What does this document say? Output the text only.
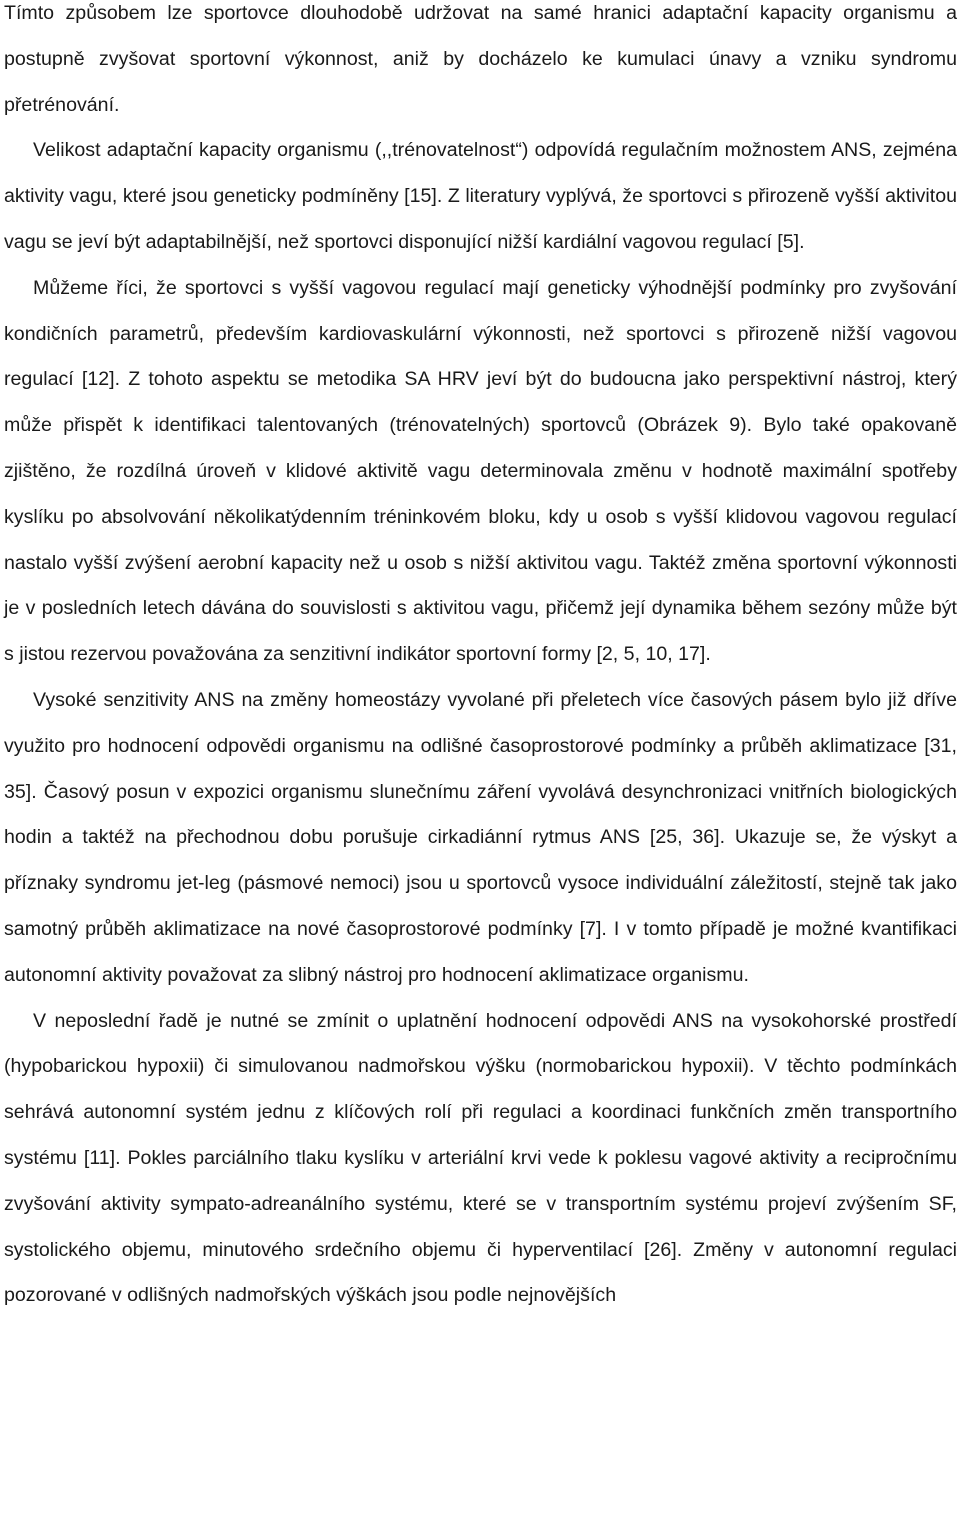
Tímto způsobem lze sportovce dlouhodobě udržovat na samé hranici adaptační kapacity organismu a postupně zvyšovat sportovní výkonnost, aniž by docházelo ke kumulaci únavy a vzniku syndromu přetrénování.

Velikost adaptační kapacity organismu (,,trénovatelnost“) odpovídá regulačním možnostem ANS, zejména aktivity vagu, které jsou geneticky podmíněny [15]. Z literatury vyplývá, že sportovci s přirozeně vyšší aktivitou vagu se jeví být adaptabilnější, než sportovci disponující nižší kardiální vagovou regulací [5].

Můžeme říci, že sportovci s vyšší vagovou regulací mají geneticky výhodnější podmínky pro zvyšování kondičních parametrů, především kardiovaskulární výkonnosti, než sportovci s přirozeně nižší vagovou regulací [12]. Z tohoto aspektu se metodika SA HRV jeví být do budoucna jako perspektivní nástroj, který může přispět k identifikaci talentovaných (trénovatelných) sportovců (Obrázek 9). Bylo také opakovaně zjištěno, že rozdílná úroveň v klidové aktivitě vagu determinovala změnu v hodnotě maximální spotřeby kyslíku po absolvování několikatýdenním tréninkovém bloku, kdy u osob s vyšší klidovou vagovou regulací nastalo vyšší zvýšení aerobní kapacity než u osob s nižší aktivitou vagu. Taktéž změna sportovní výkonnosti je v posledních letech dávána do souvislosti s aktivitou vagu, přičemž její dynamika během sezóny může být s jistou rezervou považována za senzitivní indikátor sportovní formy [2, 5, 10, 17].

Vysoké senzitivity ANS na změny homeostázy vyvolané při přeletech více časových pásem bylo již dříve využito pro hodnocení odpovědi organismu na odlišné časoprostorové podmínky a průběh aklimatizace [31, 35]. Časový posun v expozici organismu slunečnímu záření vyvolává desynchronizaci vnitřních biologických hodin a taktéž na přechodnou dobu porušuje cirkadiánní rytmus ANS [25, 36]. Ukazuje se, že výskyt a příznaky syndromu jet-leg (pásmové nemoci) jsou u sportovců vysoce individuální záležitostí, stejně tak jako samotný průběh aklimatizace na nové časoprostorové podmínky [7]. I v tomto případě je možné kvantifikaci autonomní aktivity považovat za slibný nástroj pro hodnocení aklimatizace organismu.

V neposlední řadě je nutné se zmínit o uplatnění hodnocení odpovědi ANS na vysokohorské prostředí (hypobarickou hypoxii) či simulovanou nadmořskou výšku (normobarickou hypoxii). V těchto podmínkách sehrává autonomní systém jednu z klíčových rolí při regulaci a koordinaci funkčních změn transportního systému [11]. Pokles parciálního tlaku kyslíku v arteriální krvi vede k poklesu vagové aktivity a recipročnímu zvyšování aktivity sympato-adreanálního systému, které se v transportním systému projeví zvýšením SF, systolického objemu, minutového srdečního objemu či hyperventilací [26]. Změny v autonomní regulaci pozorované v odlišných nadmořských výškách jsou podle nejnovějších
